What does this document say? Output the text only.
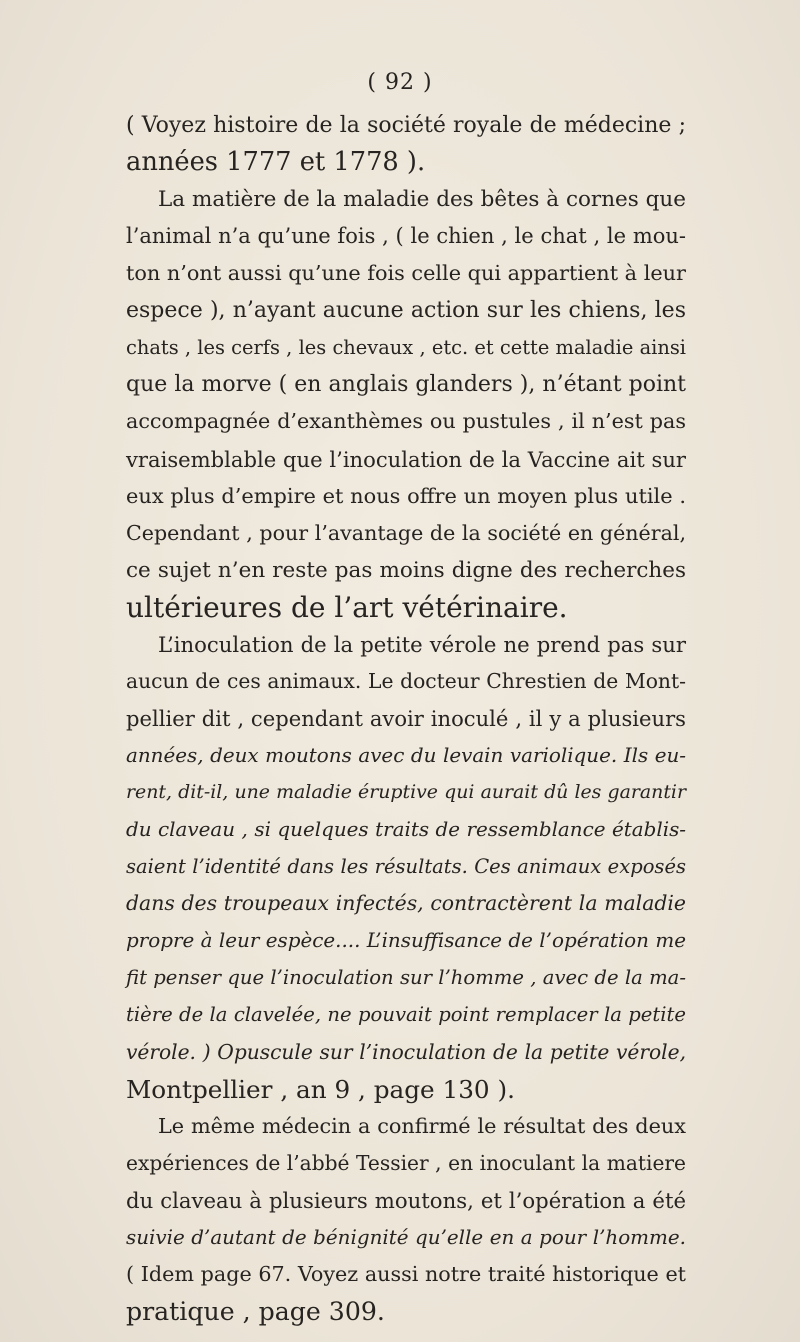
( 92 )
( Voyez histoire de la société royale de médecine ;
années 1777 et 1778 ).
La matière de la maladie des bêtes à cornes que
l’animal n’a qu’une fois , ( le chien , le chat , le mou-
ton n’ont aussi qu’une fois celle qui appartient à leur
espece ), n’ayant aucune action sur les chiens, les
chats , les cerfs , les chevaux , etc. et cette maladie ainsi
que la morve ( en anglais glanders ), n’étant point
accompagnée d’exanthèmes ou pustules , il n’est pas
vraisemblable que l’inoculation de la Vaccine ait sur
eux plus d’empire et nous offre un moyen plus utile .
Cependant , pour l’avantage de la société en général,
ce sujet n’en reste pas moins digne des recherches
ultérieures de l’art vétérinaire.
L’inoculation de la petite vérole ne prend pas sur
aucun de ces animaux. Le docteur Chrestien de Mont-
pellier dit , cependant avoir inoculé , il y a plusieurs
années, deux moutons avec du levain variolique. Ils eu-
rent, dit-il, une maladie éruptive qui aurait dû les garantir
du claveau , si quelques traits de ressemblance établis-
saient l’identité dans les résultats. Ces animaux exposés
dans des troupeaux infectés, contractèrent la maladie
propre à leur espèce.... L’insuffisance de l’opération me
fit penser que l’inoculation sur l’homme , avec de la ma-
tière de la clavelée, ne pouvait point remplacer la petite
vérole. ) Opuscule sur l’inoculation de la petite vérole,
Montpellier , an 9 , page 130 ).
Le même médecin a confirmé le résultat des deux
expériences de l’abbé Tessier , en inoculant la matiere
du claveau à plusieurs moutons, et l’opération a été
suivie d’autant de bénignité qu’elle en a pour l’homme.
( Idem page 67. Voyez aussi notre traité historique et
pratique , page 309.
